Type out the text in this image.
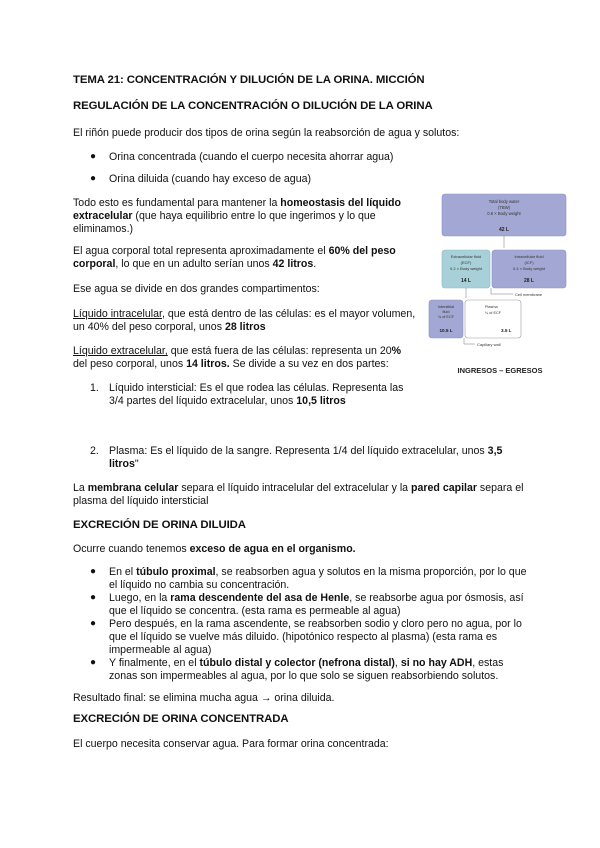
TEMA 21: CONCENTRACIÓN Y DILUCIÓN DE LA ORINA. MICCIÓN
REGULACIÓN DE LA CONCENTRACIÓN O DILUCIÓN DE LA ORINA
El riñón puede producir dos tipos de orina según la reabsorción de agua y solutos:
● Orina concentrada (cuando el cuerpo necesita ahorrar agua)
● Orina diluida (cuando hay exceso de agua)
Todo esto es fundamental para mantener la homeostasis del líquido extracelular (que haya equilibrio entre lo que ingerimos y lo que eliminamos.)
El agua corporal total representa aproximadamente el 60% del peso corporal, lo que en un adulto serían unos 42 litros.
Ese agua se divide en dos grandes compartimentos:
Líquido intracelular, que está dentro de las células: es el mayor volumen, un 40% del peso corporal, unos 28 litros
Líquido extracelular, que está fuera de las células: representa un 20% del peso corporal, unos 14 litros. Se divide a su vez en dos partes:
1. Líquido intersticial: Es el que rodea las células. Representa las 3/4 partes del líquido extracelular, unos 10,5 litros
2. Plasma: Es el líquido de la sangre. Representa 1/4 del líquido extracelular, unos 3,5 litros"
La membrana celular separa el líquido intracelular del extracelular y la pared capilar separa el plasma del líquido intersticial
Total body water
(TBW)
0.6 × Body weight
42 L
Extracellular fluid
(ECF)
0.2 × Body weight
14 L
Intracellular fluid
(ICF)
0.4 × Body weight
28 L
Cell membrane
Interstitial
fluid
¾ of ECF
10.5 L
Plasma
¼ of ECF
3.5 L
Capillary wall
INGRESOS – EGRESOS
EXCRECIÓN DE ORINA DILUIDA
Ocurre cuando tenemos exceso de agua en el organismo.
● En el túbulo proximal, se reabsorben agua y solutos en la misma proporción, por lo que el líquido no cambia su concentración.
● Luego, en la rama descendente del asa de Henle, se reabsorbe agua por ósmosis, así que el líquido se concentra. (esta rama es permeable al agua)
● Pero después, en la rama ascendente, se reabsorben sodio y cloro pero no agua, por lo que el líquido se vuelve más diluido. (hipotónico respecto al plasma) (esta rama es impermeable al agua)
● Y finalmente, en el túbulo distal y colector (nefrona distal), si no hay ADH, estas zonas son impermeables al agua, por lo que solo se siguen reabsorbiendo solutos.
Resultado final: se elimina mucha agua → orina diluida.
EXCRECIÓN DE ORINA CONCENTRADA
El cuerpo necesita conservar agua. Para formar orina concentrada:
